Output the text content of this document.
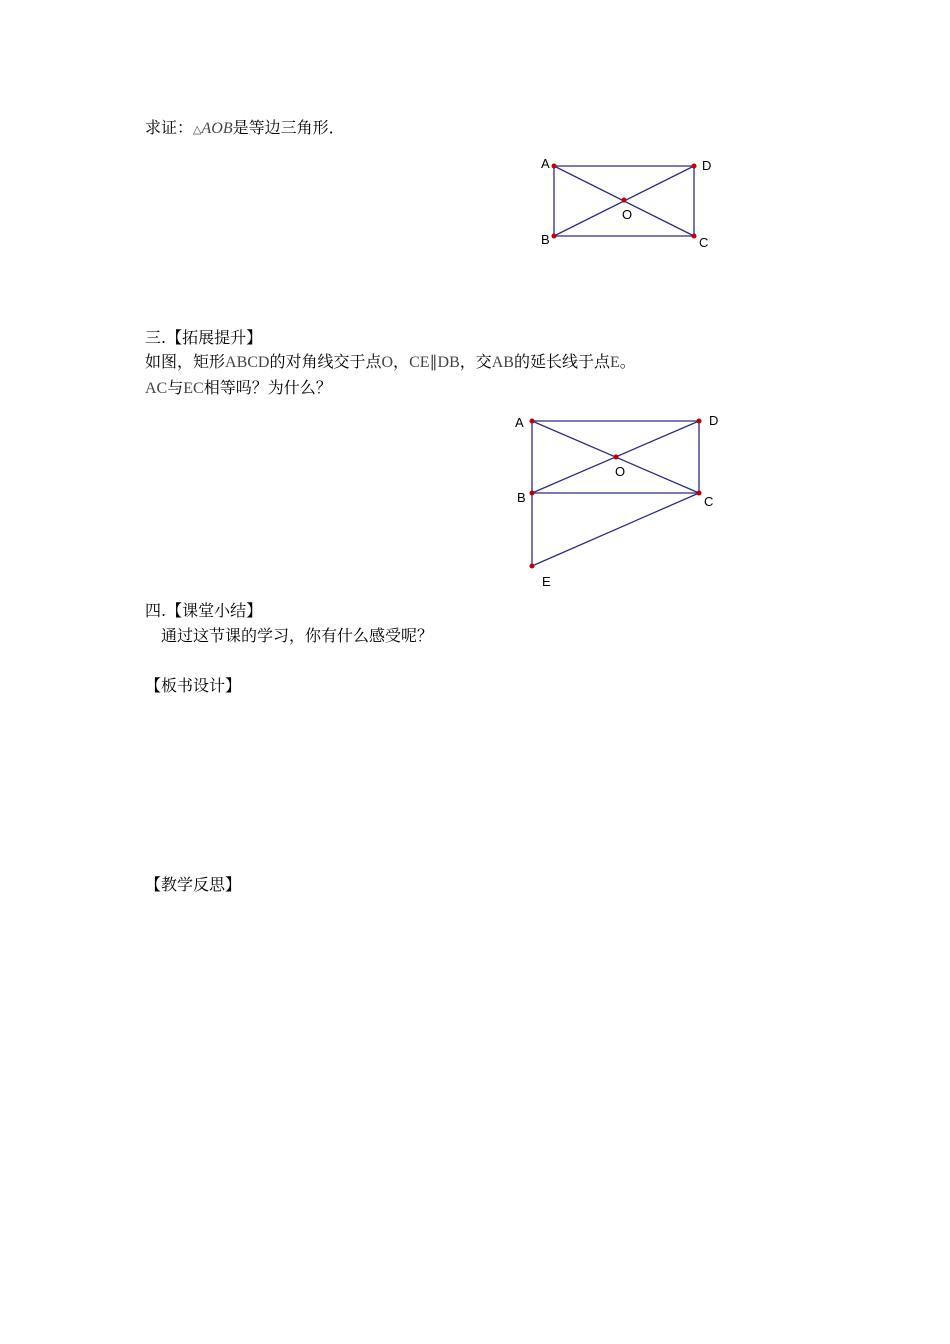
求证：△AOB是等边三角形．
A	D
O
B	C
A	D
O
B	C
E
三.【拓展提升】
如图，矩形ABCD的对角线交于点O，CE∥DB，交AB的延长线于点E。
AC与EC相等吗？为什么？
四.【课堂小结】
通过这节课的学习，你有什么感受呢？
【板书设计】
【教学反思】
